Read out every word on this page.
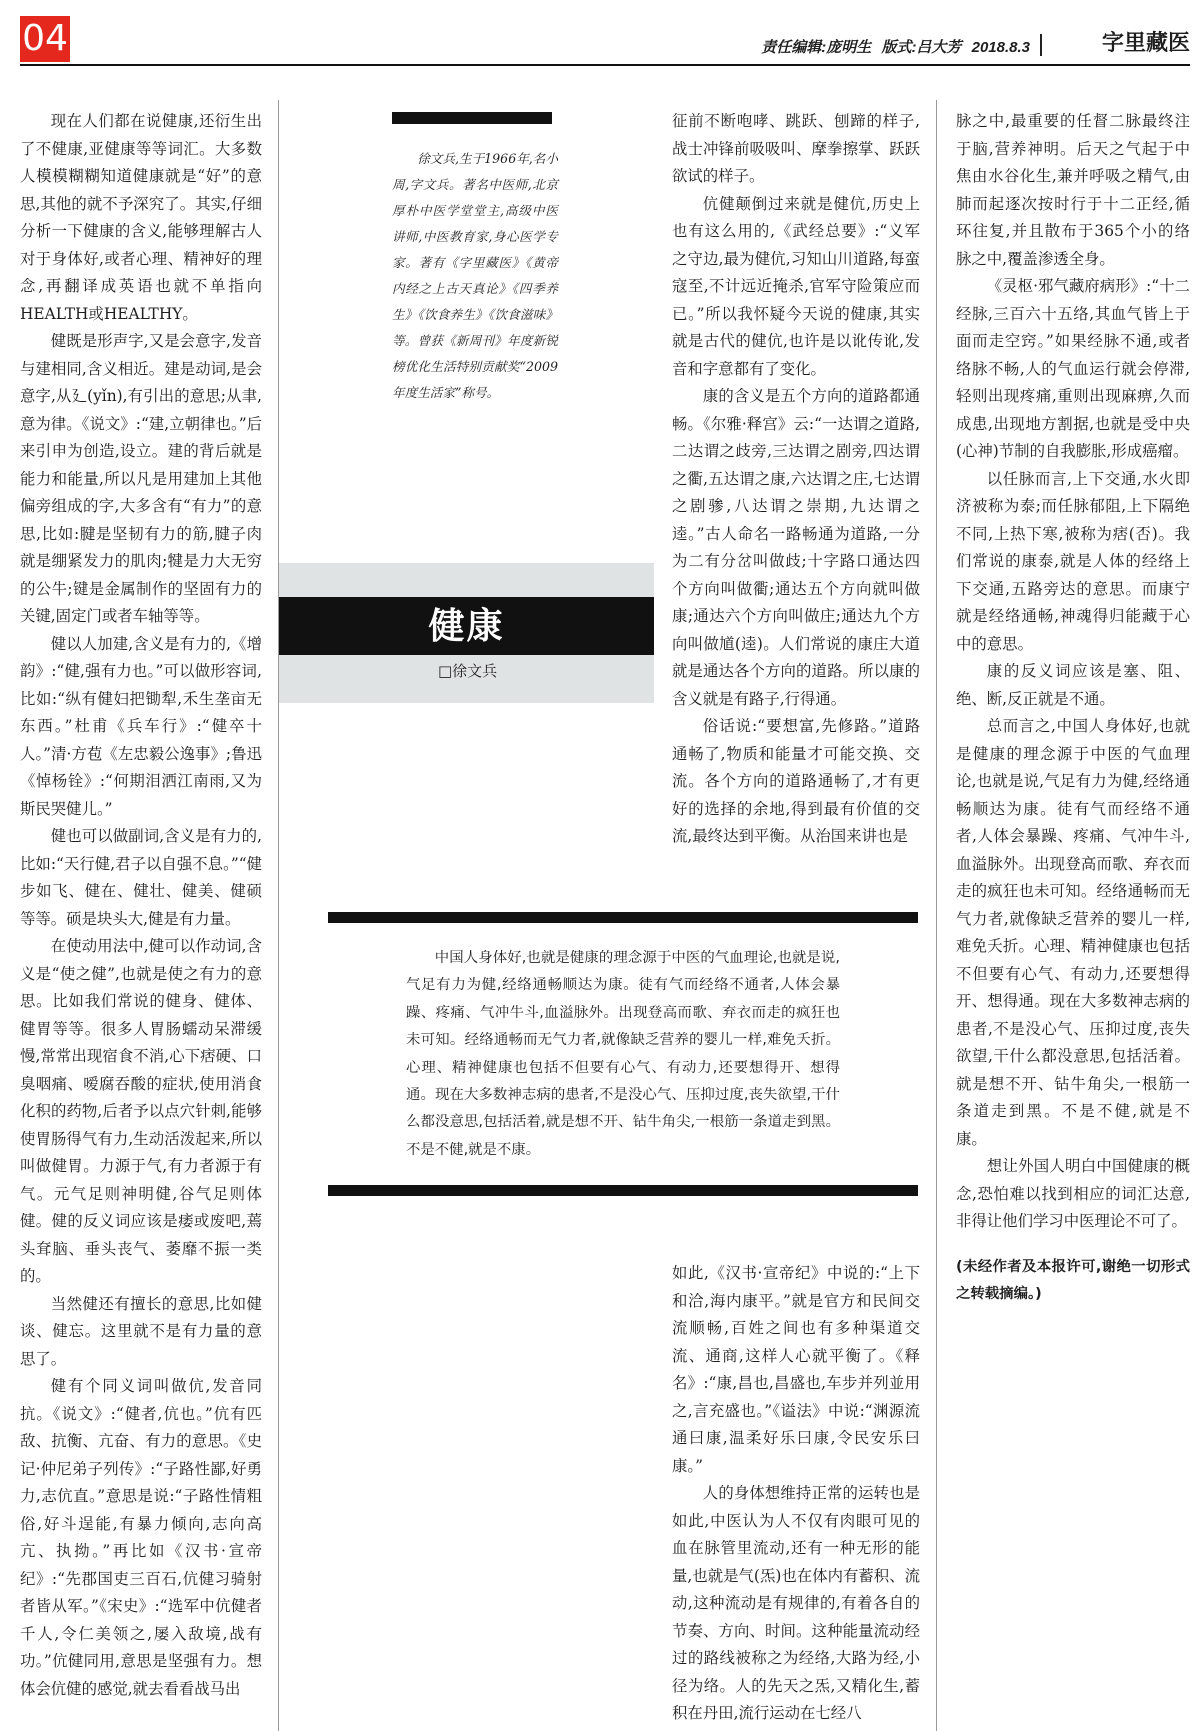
04	责任编辑:庞明生 版式:吕大芳 2018.8.3	字里藏医

现在人们都在说健康,还衍生出了不健康,亚健康等等词汇。大多数人模模糊糊知道健康就是“好”的意思,其他的就不予深究了。其实,仔细分析一下健康的含义,能够理解古人对于身体好,或者心理、精神好的理念,再翻译成英语也就不单指向HEALTH或HEALTHY。

健既是形声字,又是会意字,发音与建相同,含义相近。建是动词,是会意字,从廴(yǐn),有引出的意思;从聿,意为律。《说文》:“建,立朝律也。”后来引申为创造,设立。建的背后就是能力和能量,所以凡是用建加上其他偏旁组成的字,大多含有“有力”的意思,比如:腱是坚韧有力的筋,腱子肉就是绷紧发力的肌肉;犍是力大无穷的公牛;键是金属制作的坚固有力的关键,固定门或者车轴等等。

健以人加建,含义是有力的,《增韵》:“健,强有力也。”可以做形容词,比如:“纵有健妇把锄犁,禾生垄亩无东西。”杜甫《兵车行》:“健卒十人。”清·方苞《左忠毅公逸事》;鲁迅《悼杨铨》:“何期泪洒江南雨,又为斯民哭健儿。”

健也可以做副词,含义是有力的,比如:“天行健,君子以自强不息。”“健步如飞、健在、健壮、健美、健硕等等。硕是块头大,健是有力量。

在使动用法中,健可以作动词,含义是“使之健”,也就是使之有力的意思。比如我们常说的健身、健体、健胃等等。很多人胃肠蠕动呆滞缓慢,常常出现宿食不消,心下痞硬、口臭咽痛、嗳腐吞酸的症状,使用消食化积的药物,后者予以点穴针刺,能够使胃肠得气有力,生动活泼起来,所以叫做健胃。力源于气,有力者源于有气。元气足则神明健,谷气足则体健。健的反义词应该是痿或废吧,蔫头耷脑、垂头丧气、萎靡不振一类的。

当然健还有擅长的意思,比如健谈、健忘。这里就不是有力量的意思了。

健有个同义词叫做伉,发音同抗。《说文》:“健者,伉也。”伉有匹敌、抗衡、亢奋、有力的意思。《史记·仲尼弟子列传》:“子路性鄙,好勇力,志伉直。”意思是说:“子路性情粗俗,好斗逞能,有暴力倾向,志向高亢、执拗。”再比如《汉书·宣帝纪》:“先郡国吏三百石,伉健习骑射者皆从军。”《宋史》:“选军中伉健者千人,令仁美领之,屡入敌境,战有功。”伉健同用,意思是坚强有力。想体会伉健的感觉,就去看看战马出

徐文兵,生于1966年,名小周,字文兵。著名中医师,北京厚朴中医学堂堂主,高级中医讲师,中医教育家,身心医学专家。著有《字里藏医》《黄帝内经之上古天真论》《四季养生》《饮食养生》《饮食滋味》等。曾获《新周刊》年度新锐榜优化生活特别贡献奖“2009年度生活家”称号。
健康
□徐文兵

征前不断咆哮、跳跃、刨蹄的样子,战士冲锋前吸吸叫、摩拳擦掌、跃跃欲试的样子。

伉健颠倒过来就是健伉,历史上也有这么用的,《武经总要》:“义军之守边,最为健伉,习知山川道路,每蛮寇至,不计远近掩杀,官军守险策应而已。”所以我怀疑今天说的健康,其实就是古代的健伉,也许是以讹传讹,发音和字意都有了变化。

康的含义是五个方向的道路都通畅。《尔雅·释宫》云:“一达谓之道路,二达谓之歧旁,三达谓之剧旁,四达谓之衢,五达谓之康,六达谓之庄,七达谓之剧骖,八达谓之崇期,九达谓之逵。”古人命名一路畅通为道路,一分为二有分岔叫做歧;十字路口通达四个方向叫做衢;通达五个方向就叫做康;通达六个方向叫做庄;通达九个方向叫做馗(逵)。人们常说的康庄大道就是通达各个方向的道路。所以康的含义就是有路子,行得通。

俗话说:“要想富,先修路。”道路通畅了,物质和能量才可能交换、交流。各个方向的道路通畅了,才有更好的选择的余地,得到最有价值的交流,最终达到平衡。从治国来讲也是

脉之中,最重要的任督二脉最终注于脑,营养神明。后天之气起于中焦由水谷化生,兼并呼吸之精气,由肺而起逐次按时行于十二正经,循环往复,并且散布于365个小的络脉之中,覆盖渗透全身。

《灵枢·邪气藏府病形》:“十二经脉,三百六十五络,其血气皆上于面而走空窍。”如果经脉不通,或者络脉不畅,人的气血运行就会停滞,轻则出现疼痛,重则出现麻痹,久而成患,出现地方割据,也就是受中央(心神)节制的自我膨胀,形成癌瘤。

以任脉而言,上下交通,水火即济被称为泰;而任脉郁阻,上下隔绝不同,上热下寒,被称为痞(否)。我们常说的康泰,就是人体的经络上下交通,五路旁达的意思。而康宁就是经络通畅,神魂得归能藏于心中的意思。

康的反义词应该是塞、阻、绝、断,反正就是不通。

总而言之,中国人身体好,也就是健康的理念源于中医的气血理论,也就是说,气足有力为健,经络通畅顺达为康。徒有气而经络不通者,人体会暴躁、疼痛、气冲牛斗,血溢脉外。出现登高而歌、弃衣而走的疯狂也未可知。经络通畅而无气力者,就像缺乏营养的婴儿一样,难免夭折。心理、精神健康也包括不但要有心气、有动力,还要想得开、想得通。现在大多数神志病的患者,不是没心气、压抑过度,丧失欲望,干什么都没意思,包括活着。就是想不开、钻牛角尖,一根筋一条道走到黑。不是不健,就是不康。

想让外国人明白中国健康的概念,恐怕难以找到相应的词汇达意,非得让他们学习中医理论不可了。

(未经作者及本报许可,谢绝一切形式之转载摘编。)

中国人身体好,也就是健康的理念源于中医的气血理论,也就是说,气足有力为健,经络通畅顺达为康。徒有气而经络不通者,人体会暴躁、疼痛、气冲牛斗,血溢脉外。出现登高而歌、弃衣而走的疯狂也未可知。经络通畅而无气力者,就像缺乏营养的婴儿一样,难免夭折。心理、精神健康也包括不但要有心气、有动力,还要想得开、想得通。现在大多数神志病的患者,不是没心气、压抑过度,丧失欲望,干什么都没意思,包括活着,就是想不开、钻牛角尖,一根筋一条道走到黑。不是不健,就是不康。

如此,《汉书·宣帝纪》中说的:“上下和洽,海内康平。”就是官方和民间交流顺畅,百姓之间也有多种渠道交流、通商,这样人心就平衡了。《释名》:“康,昌也,昌盛也,车步并列並用之,言充盛也。”《谥法》中说:“渊源流通曰康,温柔好乐曰康,令民安乐曰康。”

人的身体想维持正常的运转也是如此,中医认为人不仅有肉眼可见的血在脉管里流动,还有一种无形的能量,也就是气(炁)也在体内有蓄积、流动,这种流动是有规律的,有着各自的节奏、方向、时间。这种能量流动经过的路线被称之为经络,大路为经,小径为络。人的先天之炁,又精化生,蓄积在丹田,流行运动在七经八
